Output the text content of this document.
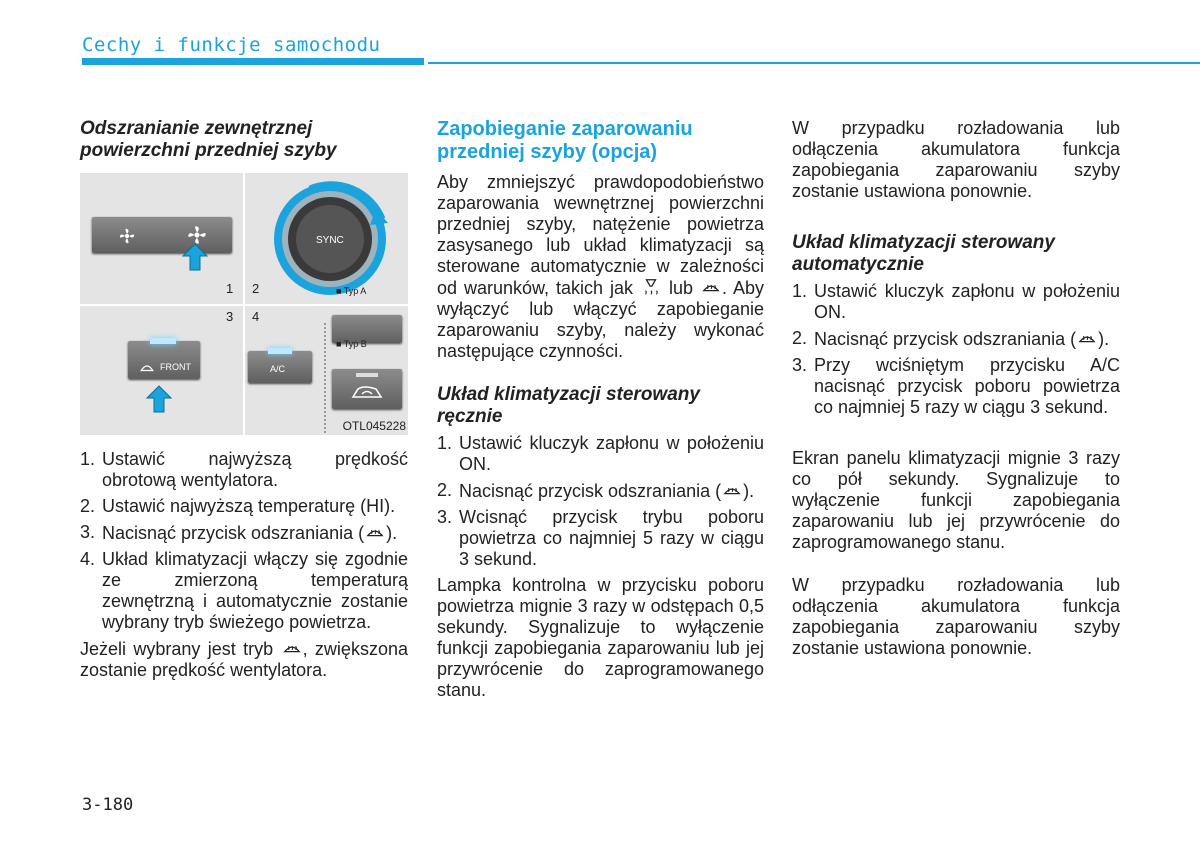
Cechy i funkcje samochodu
Odszranianie zewnętrznej powierzchni przedniej szyby
1
SYNC
2	■ Typ A
3
FRONT
4
A/C
■ Typ B
OTL045228
1. Ustawić najwyższą prędkość obrotową wentylatora.
2. Ustawić najwyższą temperaturę (HI).
3. Nacisnąć przycisk odszraniania ( ).
4. Układ klimatyzacji włączy się zgodnie ze zmierzoną temperaturą zewnętrzną i automatycznie zostanie wybrany tryb świeżego powietrza.

Jeżeli wybrany jest tryb , zwiększona zostanie prędkość wentylatora.

Zapobieganie zaparowaniu przedniej szyby (opcja)

Aby zmniejszyć prawdopodobieństwo zaparowania wewnętrznej powierzchni przedniej szyby, natężenie powietrza zasysanego lub układ klimatyzacji są sterowane automatycznie w zależności od warunków, takich jak lub . Aby wyłączyć lub włączyć zapobieganie zaparowaniu szyby, należy wykonać następujące czynności.

Układ klimatyzacji sterowany ręcznie
1. Ustawić kluczyk zapłonu w położeniu ON.
2. Nacisnąć przycisk odszraniania ( ).
3. Wcisnąć przycisk trybu poboru powietrza co najmniej 5 razy w ciągu 3 sekund.

Lampka kontrolna w przycisku poboru powietrza mignie 3 razy w odstępach 0,5 sekundy. Sygnalizuje to wyłączenie funkcji zapobiegania zaparowaniu lub jej przywrócenie do zaprogramowanego stanu.

W przypadku rozładowania lub odłączenia akumulatora funkcja zapobiegania zaparowaniu szyby zostanie ustawiona ponownie.

Układ klimatyzacji sterowany automatycznie
1. Ustawić kluczyk zapłonu w położeniu ON.
2. Nacisnąć przycisk odszraniania ( ).
3. Przy wciśniętym przycisku A/C nacisnąć przycisk poboru powietrza co najmniej 5 razy w ciągu 3 sekund.

Ekran panelu klimatyzacji mignie 3 razy co pół sekundy. Sygnalizuje to wyłączenie funkcji zapobiegania zaparowaniu lub jej przywrócenie do zaprogramowanego stanu.

W przypadku rozładowania lub odłączenia akumulatora funkcja zapobiegania zaparowaniu szyby zostanie ustawiona ponownie.

3-180
